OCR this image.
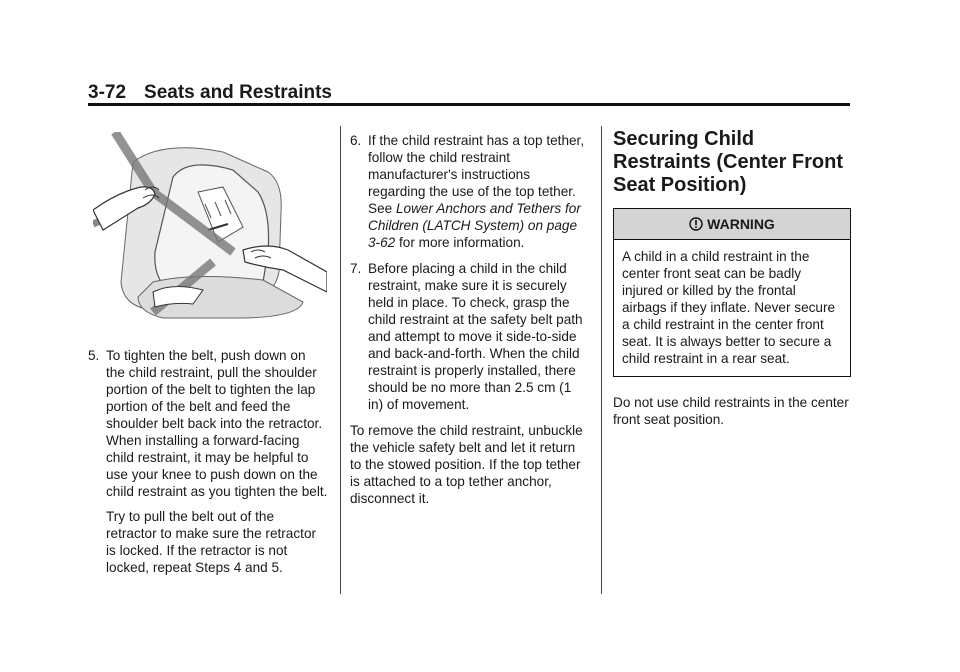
3-72 Seats and Restraints
5. To tighten the belt, push down on the child restraint, pull the shoulder portion of the belt to tighten the lap portion of the belt and feed the shoulder belt back into the retractor. When installing a forward-facing child restraint, it may be helpful to use your knee to push down on the child restraint as you tighten the belt.

Try to pull the belt out of the retractor to make sure the retractor is locked. If the retractor is not locked, repeat Steps 4 and 5.

6. If the child restraint has a top tether, follow the child restraint manufacturer's instructions regarding the use of the top tether. See Lower Anchors and Tethers for Children (LATCH System) on page 3-62 for more information.
7. Before placing a child in the child restraint, make sure it is securely held in place. To check, grasp the child restraint at the safety belt path and attempt to move it side-to-side and back-and-forth. When the child restraint is properly installed, there should be no more than 2.5 cm (1 in) of movement.

To remove the child restraint, unbuckle the vehicle safety belt and let it return to the stowed position. If the top tether is attached to a top tether anchor, disconnect it.

Securing Child Restraints (Center Front Seat Position)
WARNING
A child in a child restraint in the center front seat can be badly injured or killed by the frontal airbags if they inflate. Never secure a child restraint in the center front seat. It is always better to secure a child restraint in a rear seat.

Do not use child restraints in the center front seat position.
